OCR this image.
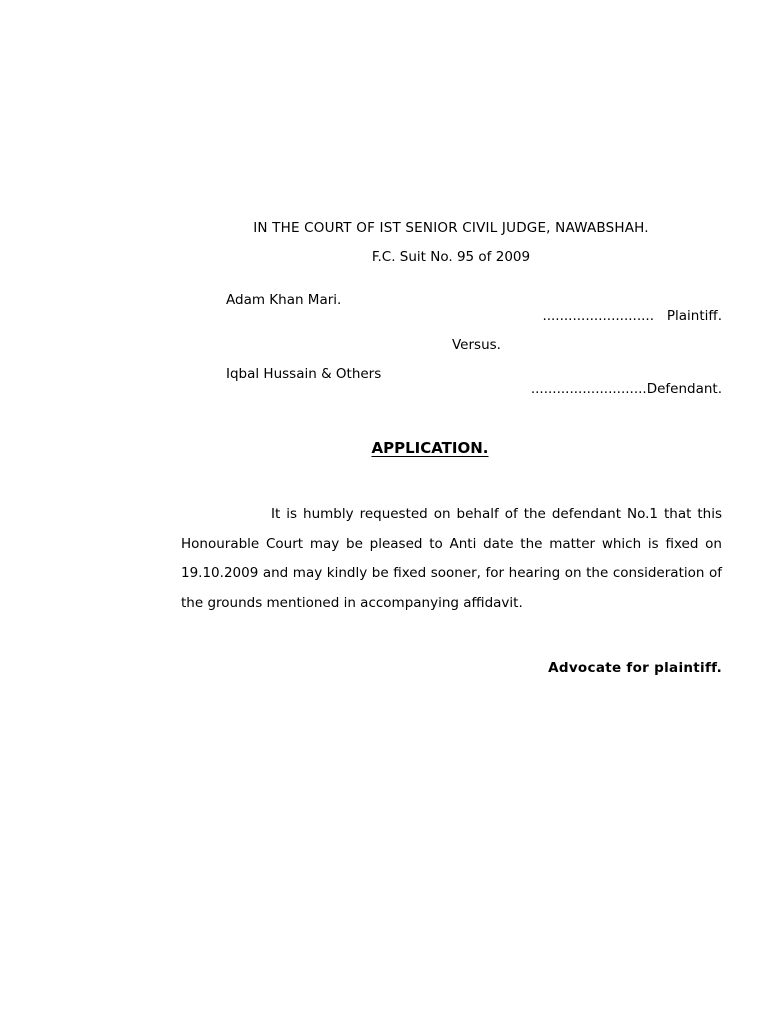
IN THE COURT OF IST SENIOR CIVIL JUDGE, NAWABSHAH.
F.C. Suit No. 95 of 2009
Adam Khan Mari.
..........................   Plaintiff.
Versus.
Iqbal Hussain & Others
...........................Defendant.
APPLICATION.
It is humbly requested on behalf of the defendant No.1 that this Honourable Court may be pleased to Anti date the matter which is fixed on 19.10.2009 and may kindly be fixed sooner, for hearing on the consideration of the grounds mentioned in accompanying affidavit.
Advocate for plaintiff.
